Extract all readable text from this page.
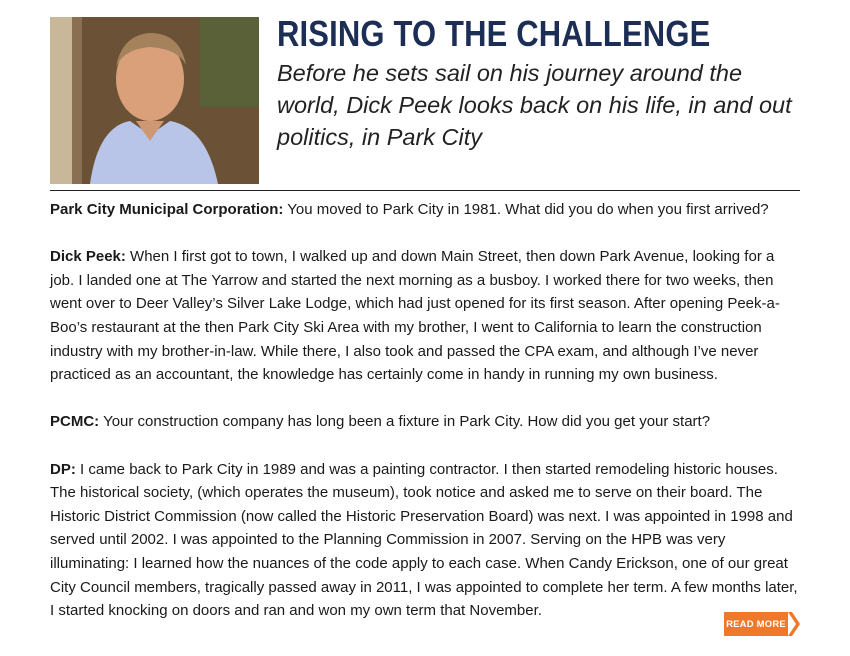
RISING TO THE CHALLENGE

Before he sets sail on his journey around the world, Dick Peek looks back on his life, in and out politics, in Park City

Park City Municipal Corporation: You moved to Park City in 1981. What did you do when you first arrived?

Dick Peek: When I first got to town, I walked up and down Main Street, then down Park Avenue, looking for a job. I landed one at The Yarrow and started the next morning as a busboy. I worked there for two weeks, then went over to Deer Valley’s Silver Lake Lodge, which had just opened for its first season. After opening Peek-a-Boo’s restaurant at the then Park City Ski Area with my brother, I went to California to learn the construction industry with my brother-in-law. While there, I also took and passed the CPA exam, and although I’ve never practiced as an accountant, the knowledge has certainly come in handy in running my own business.

PCMC: Your construction company has long been a fixture in Park City. How did you get your start?

DP: I came back to Park City in 1989 and was a painting contractor. I then started remodeling historic houses. The historical society, (which operates the museum), took notice and asked me to serve on their board. The Historic District Commission (now called the Historic Preservation Board) was next. I was appointed in 1998 and served until 2002. I was appointed to the Planning Commission in 2007. Serving on the HPB was very illuminating: I learned how the nuances of the code apply to each case. When Candy Erickson, one of our great City Council members, tragically passed away in 2011, I was appointed to complete her term. A few months later, I started knocking on doors and ran and won my own term that November.

READ MORE
